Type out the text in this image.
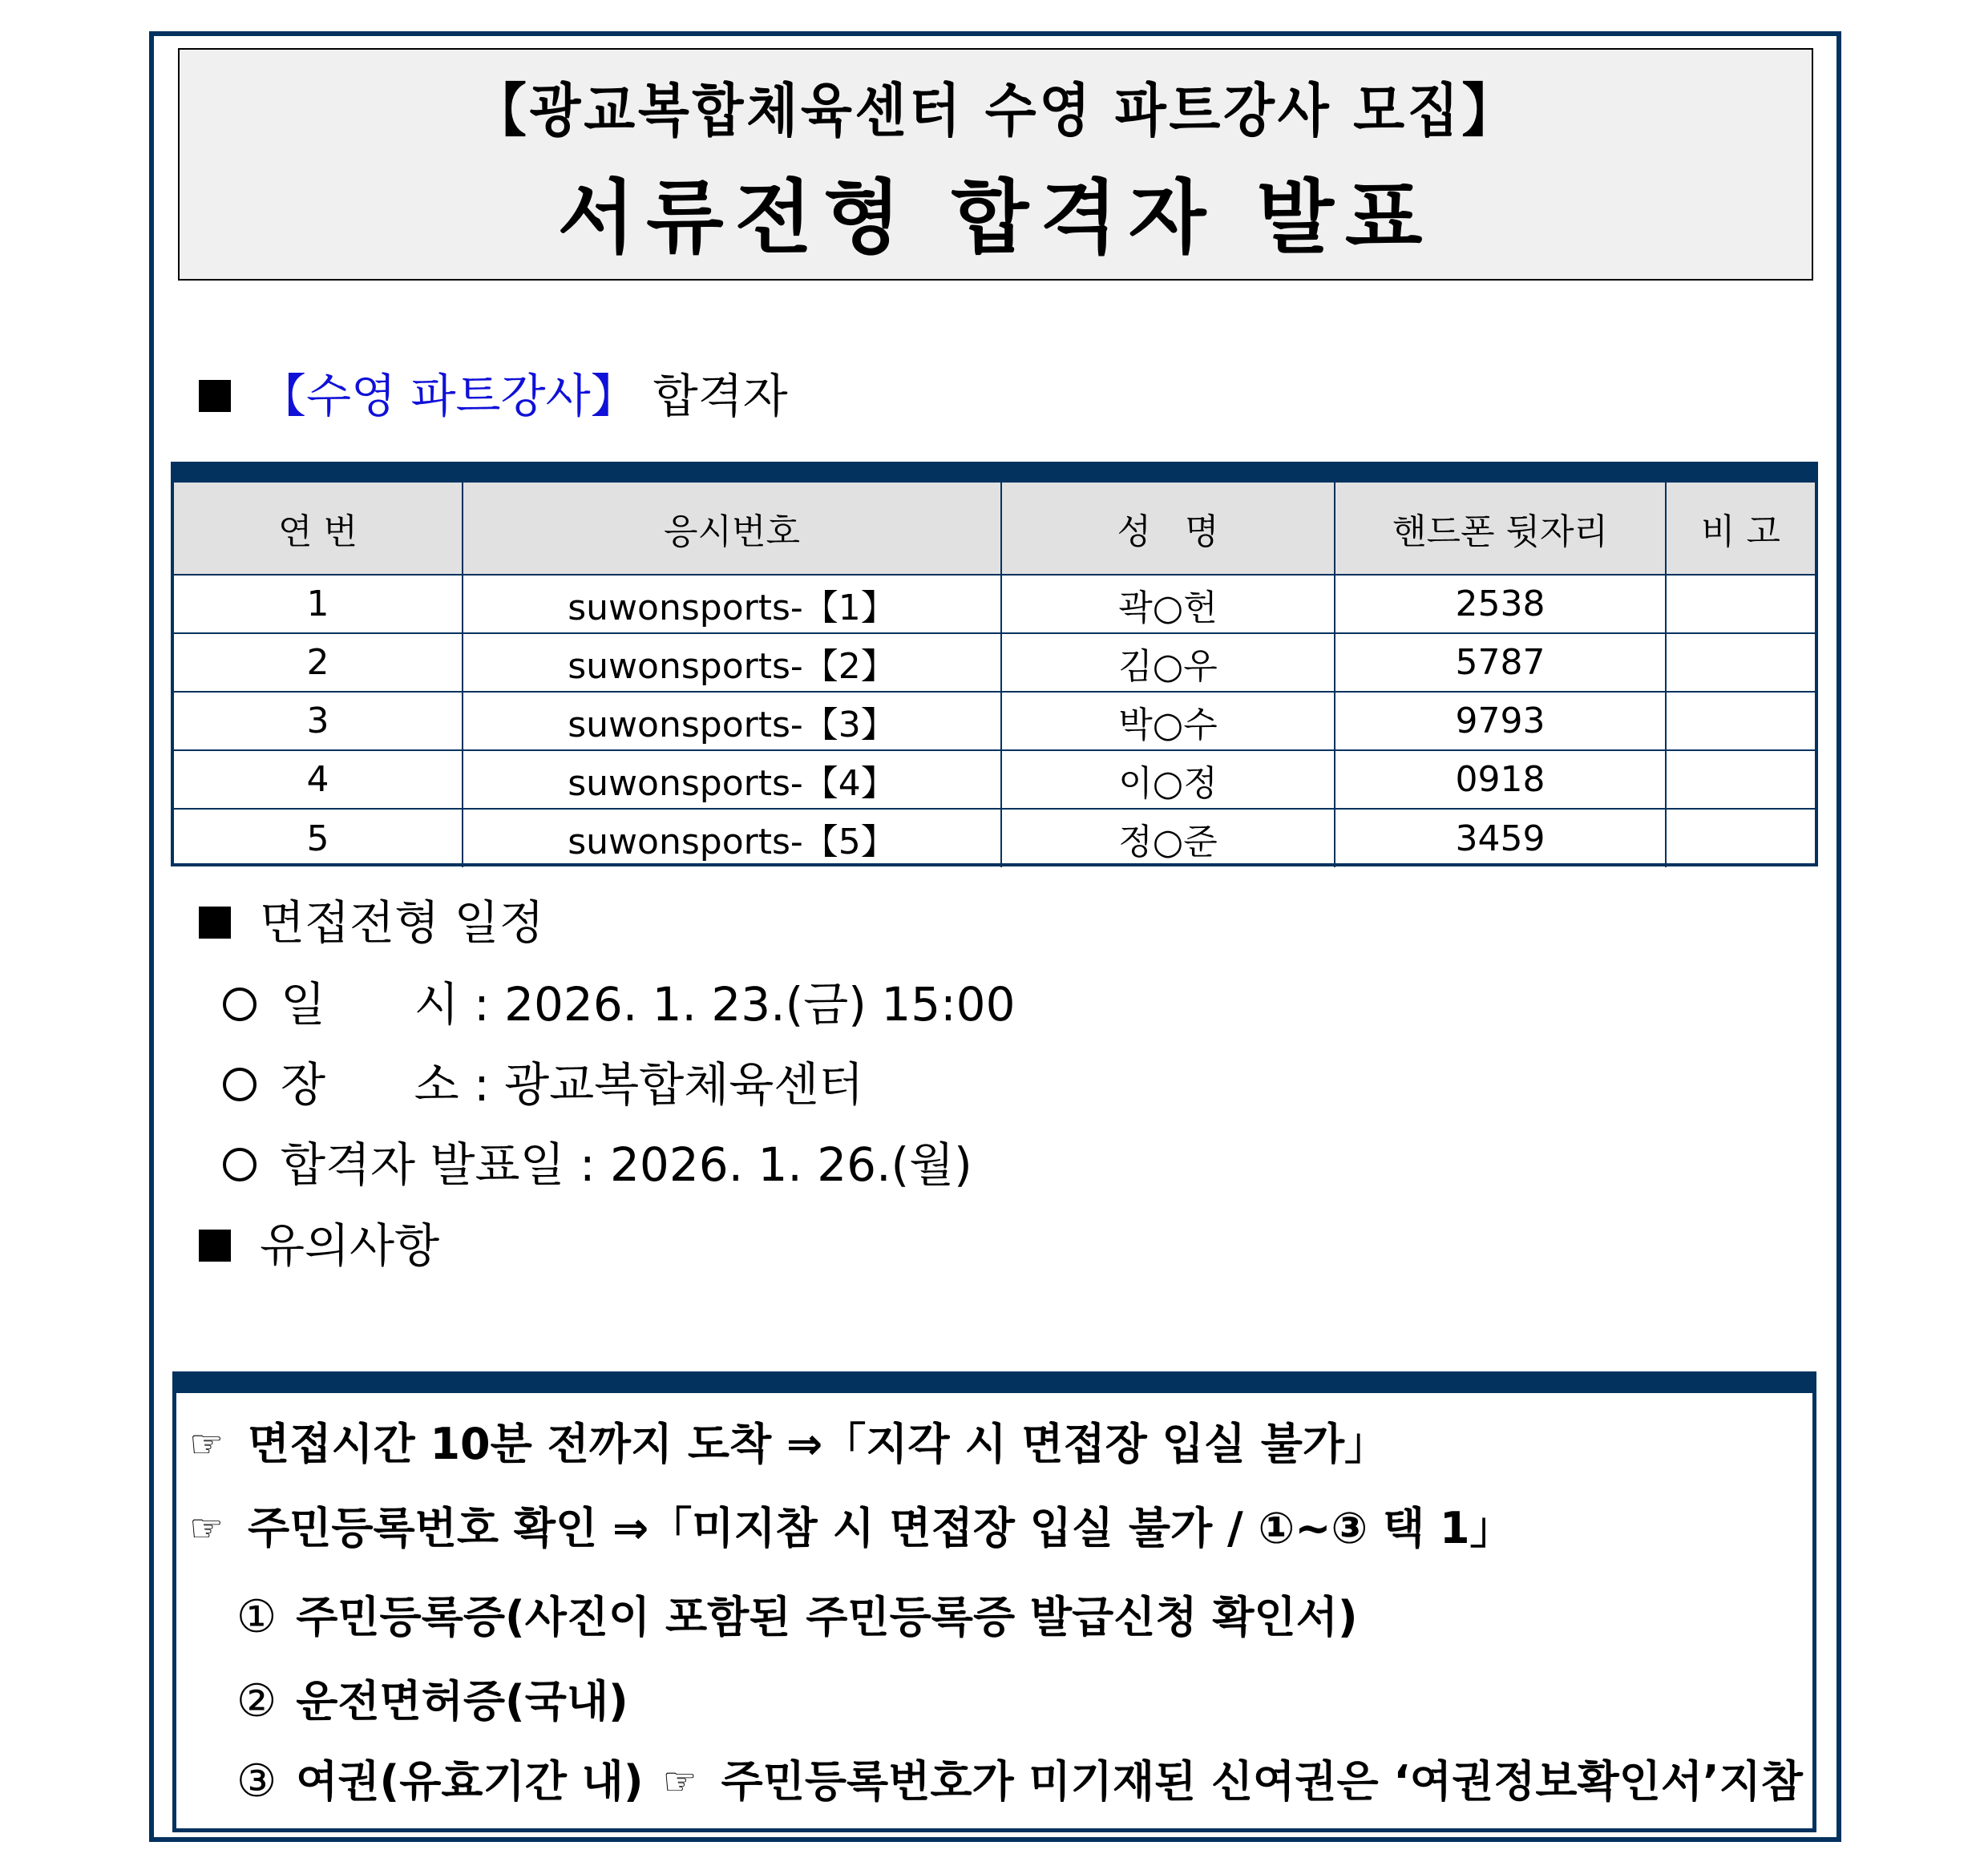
【광교복합체육센터 수영 파트강사 모집】
서류전형 합격자 발표
【수영 파트강사】 합격자
연 번	응시번호	성   명	핸드폰 뒷자리	비 고
1	suwonsports-【1】	곽○헌	2538	
2	suwonsports-【2】	김○우	5787	
3	suwonsports-【3】	박○수	9793	
4	suwonsports-【4】	이○정	0918	
5	suwonsports-【5】	정○준	3459	
면접전형 일정
일      시 : 2026. 1. 23.(금) 15:00
장      소 : 광교복합체육센터
합격자 발표일 : 2026. 1. 26.(월)
유의사항
☞ 면접시간 10분 전까지 도착 ⇒「지각 시 면접장 입실 불가」
☞ 주민등록번호 확인 ⇒「미지참 시 면접장 입실 불가 / ①~③ 택 1」
① 주민등록증(사진이 포함된 주민등록증 발급신청 확인서)
② 운전면허증(국내)
③ 여권(유효기간 내) ☞ 주민등록번호가 미기재된 신여권은 ‘여권정보확인서’지참
